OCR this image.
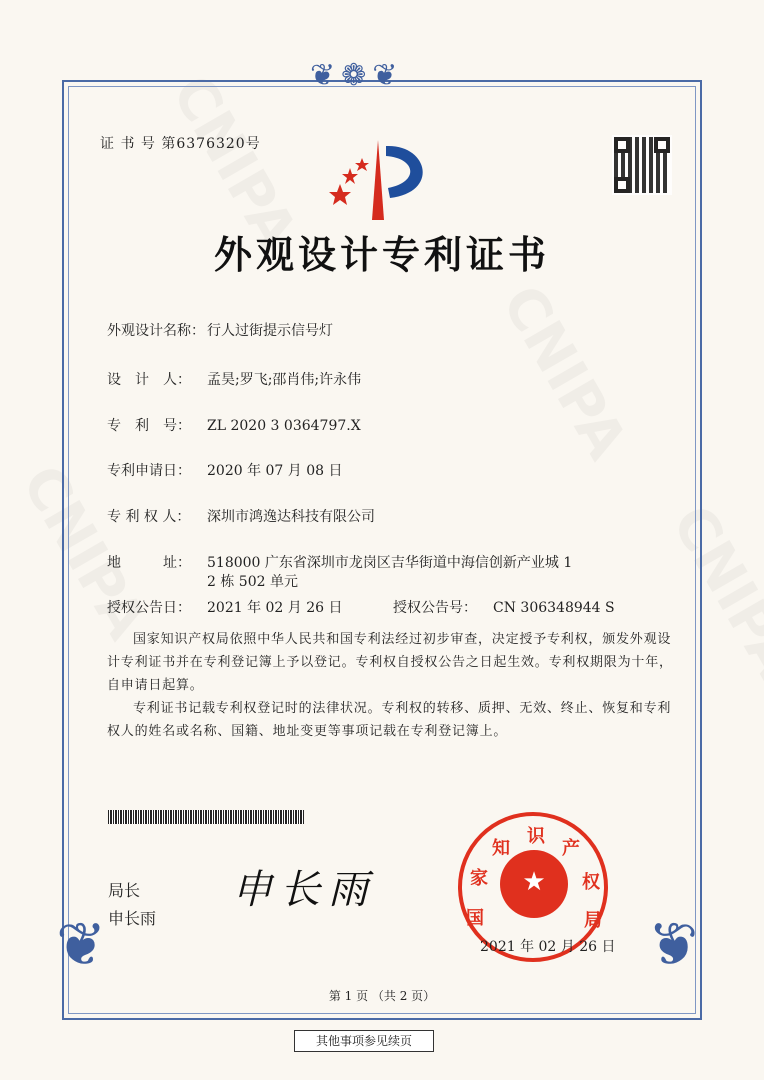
❦❁❦
❦	❦
证 书 号 第6376320号
外观设计专利证书
外观设计名称： 行人过街提示信号灯
设　计　人： 孟昊;罗飞;邵肖伟;许永伟
专　利　号： ZL 2020 3 0364797.X
专利申请日： 2020 年 07 月 08 日
专 利 权 人： 深圳市鸿逸达科技有限公司
地　　　址： 518000 广东省深圳市龙岗区吉华街道中海信创新产业城 1
2 栋 502 单元
授权公告日： 2021 年 02 月 26 日	授权公告号： CN 306348944 S
国家知识产权局依照中华人民共和国专利法经过初步审查，决定授予专利权，颁发外观设计专利证书并在专利登记簿上予以登记。专利权自授权公告之日起生效。专利权期限为十年，自申请日起算。
专利证书记载专利权登记时的法律状况。专利权的转移、质押、无效、终止、恢复和专利权人的姓名或名称、国籍、地址变更等事项记载在专利登记簿上。
局长
申长雨
申长雨
国
家
知
识
产
权
局
★
2021 年 02 月 26 日
第 1 页 （共 2 页）
其他事项参见续页
